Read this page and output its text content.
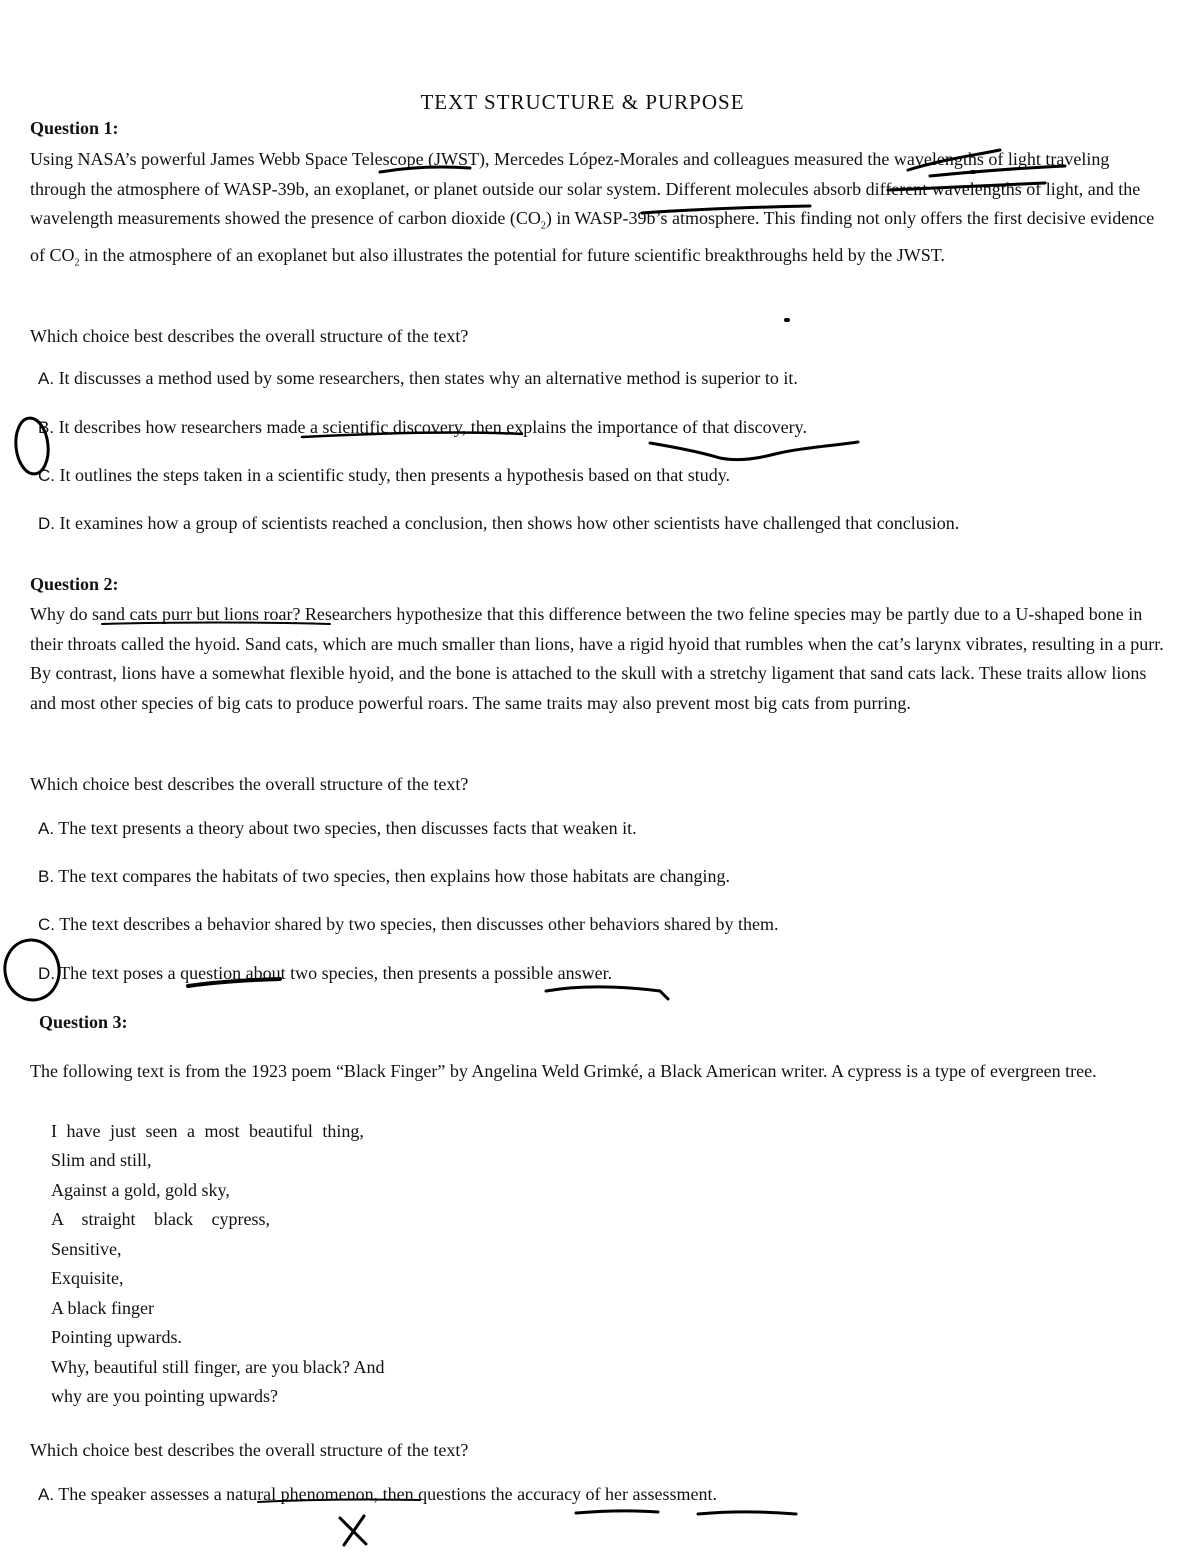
TEXT STRUCTURE & PURPOSE
Question 1:

Using NASA’s powerful James Webb Space Telescope (JWST), Mercedes López-Morales and colleagues measured the wavelengths of light traveling through the atmosphere of WASP-39b, an exoplanet, or planet outside our solar system. Different molecules absorb different wavelengths of light, and the wavelength measurements showed the presence of carbon dioxide $(CO_2)$ in WASP-39b’s atmosphere. This finding not only offers the first decisive evidence of $CO_2$ in the atmosphere of an exoplanet but also illustrates the potential for future scientific breakthroughs held by the JWST.

Which choice best describes the overall structure of the text?
A. It discusses a method used by some researchers, then states why an alternative method is superior to it.
B. It describes how researchers made a scientific discovery, then explains the importance of that discovery.
C. It outlines the steps taken in a scientific study, then presents a hypothesis based on that study.
D. It examines how a group of scientists reached a conclusion, then shows how other scientists have challenged that conclusion.
Question 2:

Why do sand cats purr but lions roar? Researchers hypothesize that this difference between the two feline species may be partly due to a U-shaped bone in their throats called the hyoid. Sand cats, which are much smaller than lions, have a rigid hyoid that rumbles when the cat’s larynx vibrates, resulting in a purr. By contrast, lions have a somewhat flexible hyoid, and the bone is attached to the skull with a stretchy ligament that sand cats lack. These traits allow lions and most other species of big cats to produce powerful roars. The same traits may also prevent most big cats from purring.

Which choice best describes the overall structure of the text?
A. The text presents a theory about two species, then discusses facts that weaken it.
B. The text compares the habitats of two species, then explains how those habitats are changing.
C. The text describes a behavior shared by two species, then discusses other behaviors shared by them.
D. The text poses a question about two species, then presents a possible answer.
Question 3:

The following text is from the 1923 poem “Black Finger” by Angelina Weld Grimké, a Black American writer. A cypress is a type of evergreen tree.

I have just seen a most beautiful thing,
Slim and still,
Against a gold, gold sky,
A straight black cypress,
Sensitive,
Exquisite,
A black finger
Pointing upwards.
Why, beautiful still finger, are you black? And
why are you pointing upwards?
Which choice best describes the overall structure of the text?
A. The speaker assesses a natural phenomenon, then questions the accuracy of her assessment.
